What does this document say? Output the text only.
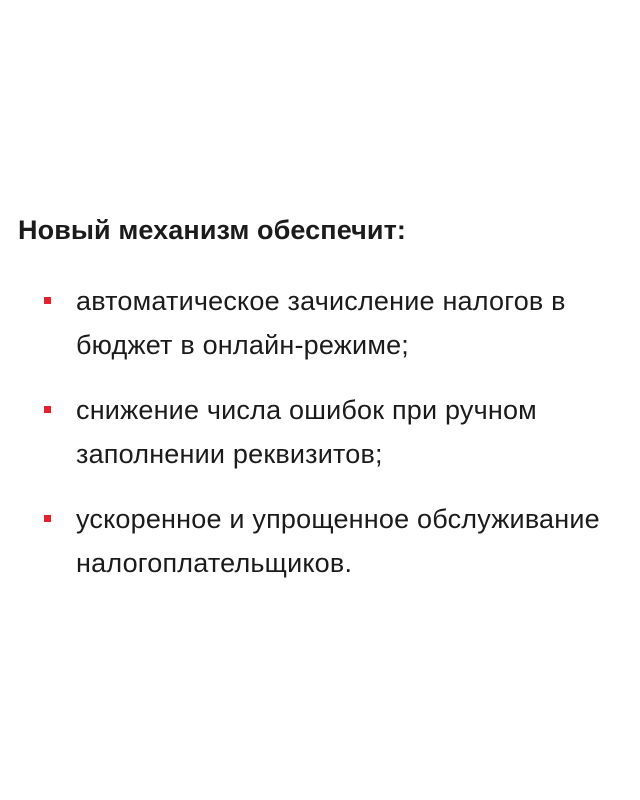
Новый механизм обеспечит:
автоматическое зачисление налогов в бюджет в онлайн-режиме;
снижение числа ошибок при ручном заполнении реквизитов;
ускоренное и упрощенное обслуживание налогоплательщиков.
